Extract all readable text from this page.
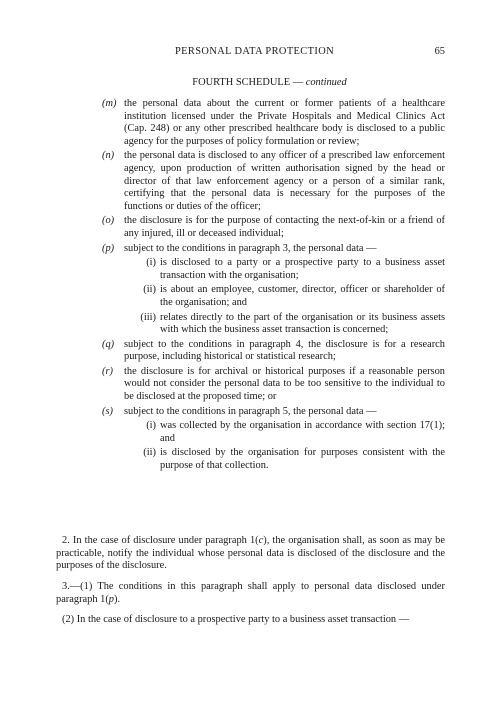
PERSONAL DATA PROTECTION	65
FOURTH SCHEDULE — continued
(m) the personal data about the current or former patients of a healthcare institution licensed under the Private Hospitals and Medical Clinics Act (Cap. 248) or any other prescribed healthcare body is disclosed to a public agency for the purposes of policy formulation or review;
(n) the personal data is disclosed to any officer of a prescribed law enforcement agency, upon production of written authorisation signed by the head or director of that law enforcement agency or a person of a similar rank, certifying that the personal data is necessary for the purposes of the functions or duties of the officer;
(o) the disclosure is for the purpose of contacting the next-of-kin or a friend of any injured, ill or deceased individual;
(p) subject to the conditions in paragraph 3, the personal data —
(i) is disclosed to a party or a prospective party to a business asset transaction with the organisation;
(ii) is about an employee, customer, director, officer or shareholder of the organisation; and
(iii) relates directly to the part of the organisation or its business assets with which the business asset transaction is concerned;
(q) subject to the conditions in paragraph 4, the disclosure is for a research purpose, including historical or statistical research;
(r)	the disclosure is for archival or historical purposes if a reasonable person would not consider the personal data to be too sensitive to the individual to be disclosed at the proposed time; or
(s)	subject to the conditions in paragraph 5, the personal data —
(i) was collected by the organisation in accordance with section 17(1); and
(ii) is disclosed by the organisation for purposes consistent with the purpose of that collection.
2. In the case of disclosure under paragraph 1(c), the organisation shall, as soon as may be practicable, notify the individual whose personal data is disclosed of the disclosure and the purposes of the disclosure.
3.—(1) The conditions in this paragraph shall apply to personal data disclosed under paragraph 1(p).
(2) In the case of disclosure to a prospective party to a business asset transaction —
